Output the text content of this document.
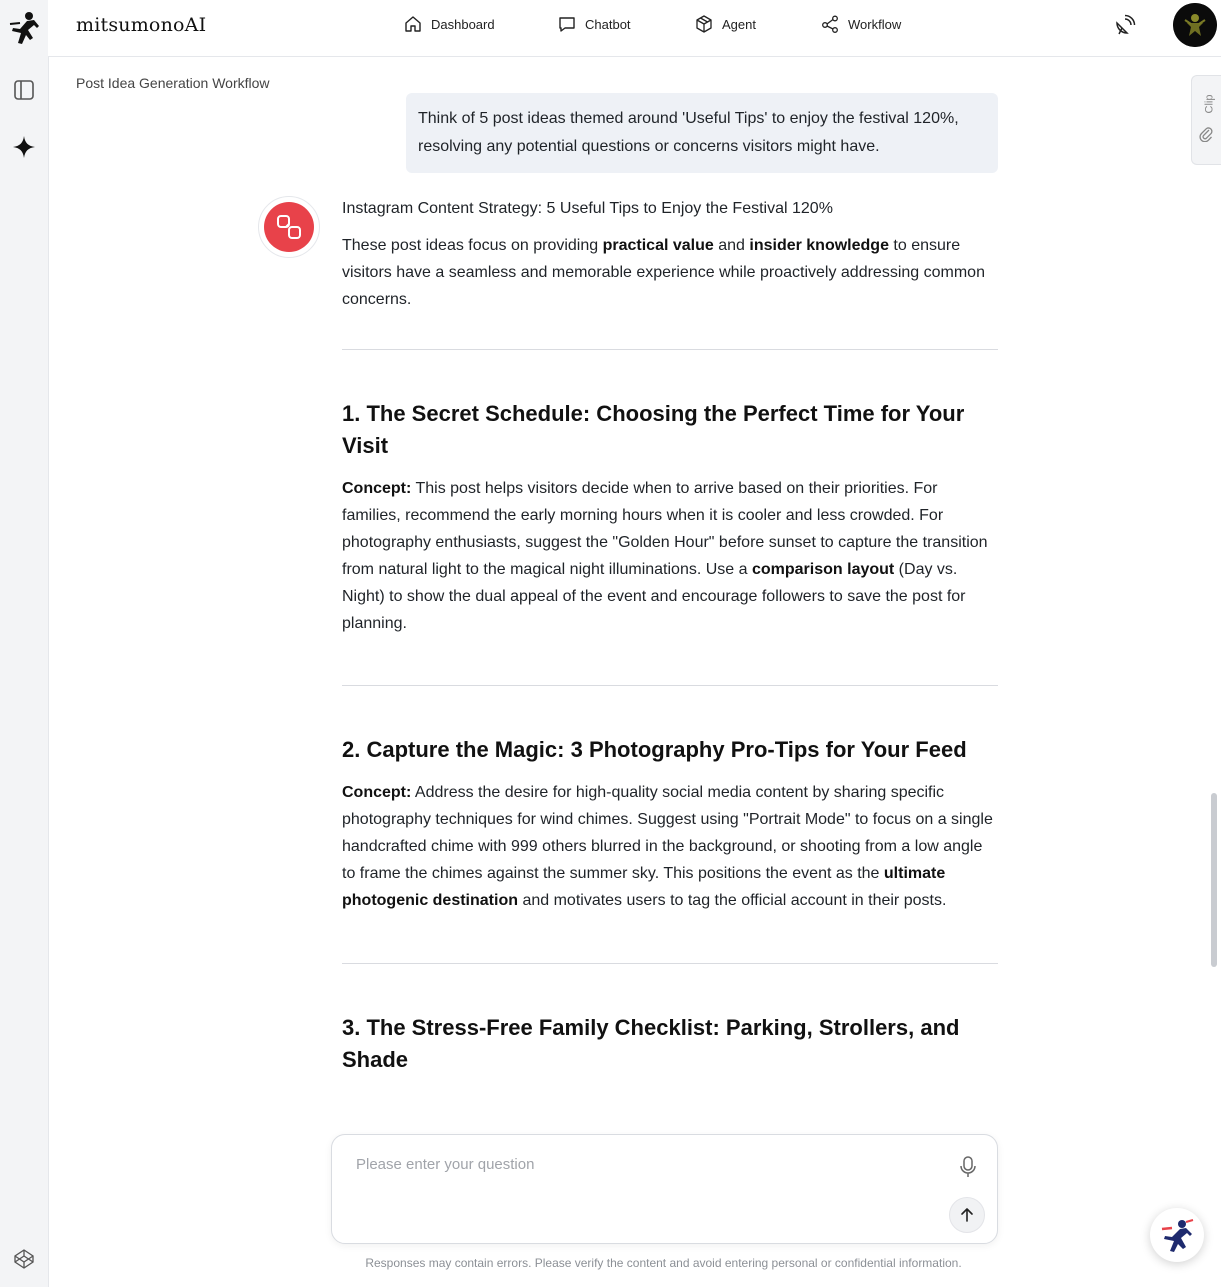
mitsumonoAI	Dashboard	Chatbot	Agent	Workflow
Post Idea Generation Workflow
Think of 5 post ideas themed around 'Useful Tips' to enjoy the festival 120%, resolving any potential questions or concerns visitors might have.

Instagram Content Strategy: 5 Useful Tips to Enjoy the Festival 120%

These post ideas focus on providing practical value and insider knowledge to ensure visitors have a seamless and memorable experience while proactively addressing common concerns.

1. The Secret Schedule: Choosing the Perfect Time for Your Visit

Concept: This post helps visitors decide when to arrive based on their priorities. For families, recommend the early morning hours when it is cooler and less crowded. For photography enthusiasts, suggest the "Golden Hour" before sunset to capture the transition from natural light to the magical night illuminations. Use a comparison layout (Day vs. Night) to show the dual appeal of the event and encourage followers to save the post for planning.

2. Capture the Magic: 3 Photography Pro-Tips for Your Feed

Concept: Address the desire for high-quality social media content by sharing specific photography techniques for wind chimes. Suggest using "Portrait Mode" to focus on a single handcrafted chime with 999 others blurred in the background, or shooting from a low angle to frame the chimes against the summer sky. This positions the event as the ultimate photogenic destination and motivates users to tag the official account in their posts.

3. The Stress-Free Family Checklist: Parking, Strollers, and Shade
Clip
Please enter your question
Responses may contain errors. Please verify the content and avoid entering personal or confidential information.
